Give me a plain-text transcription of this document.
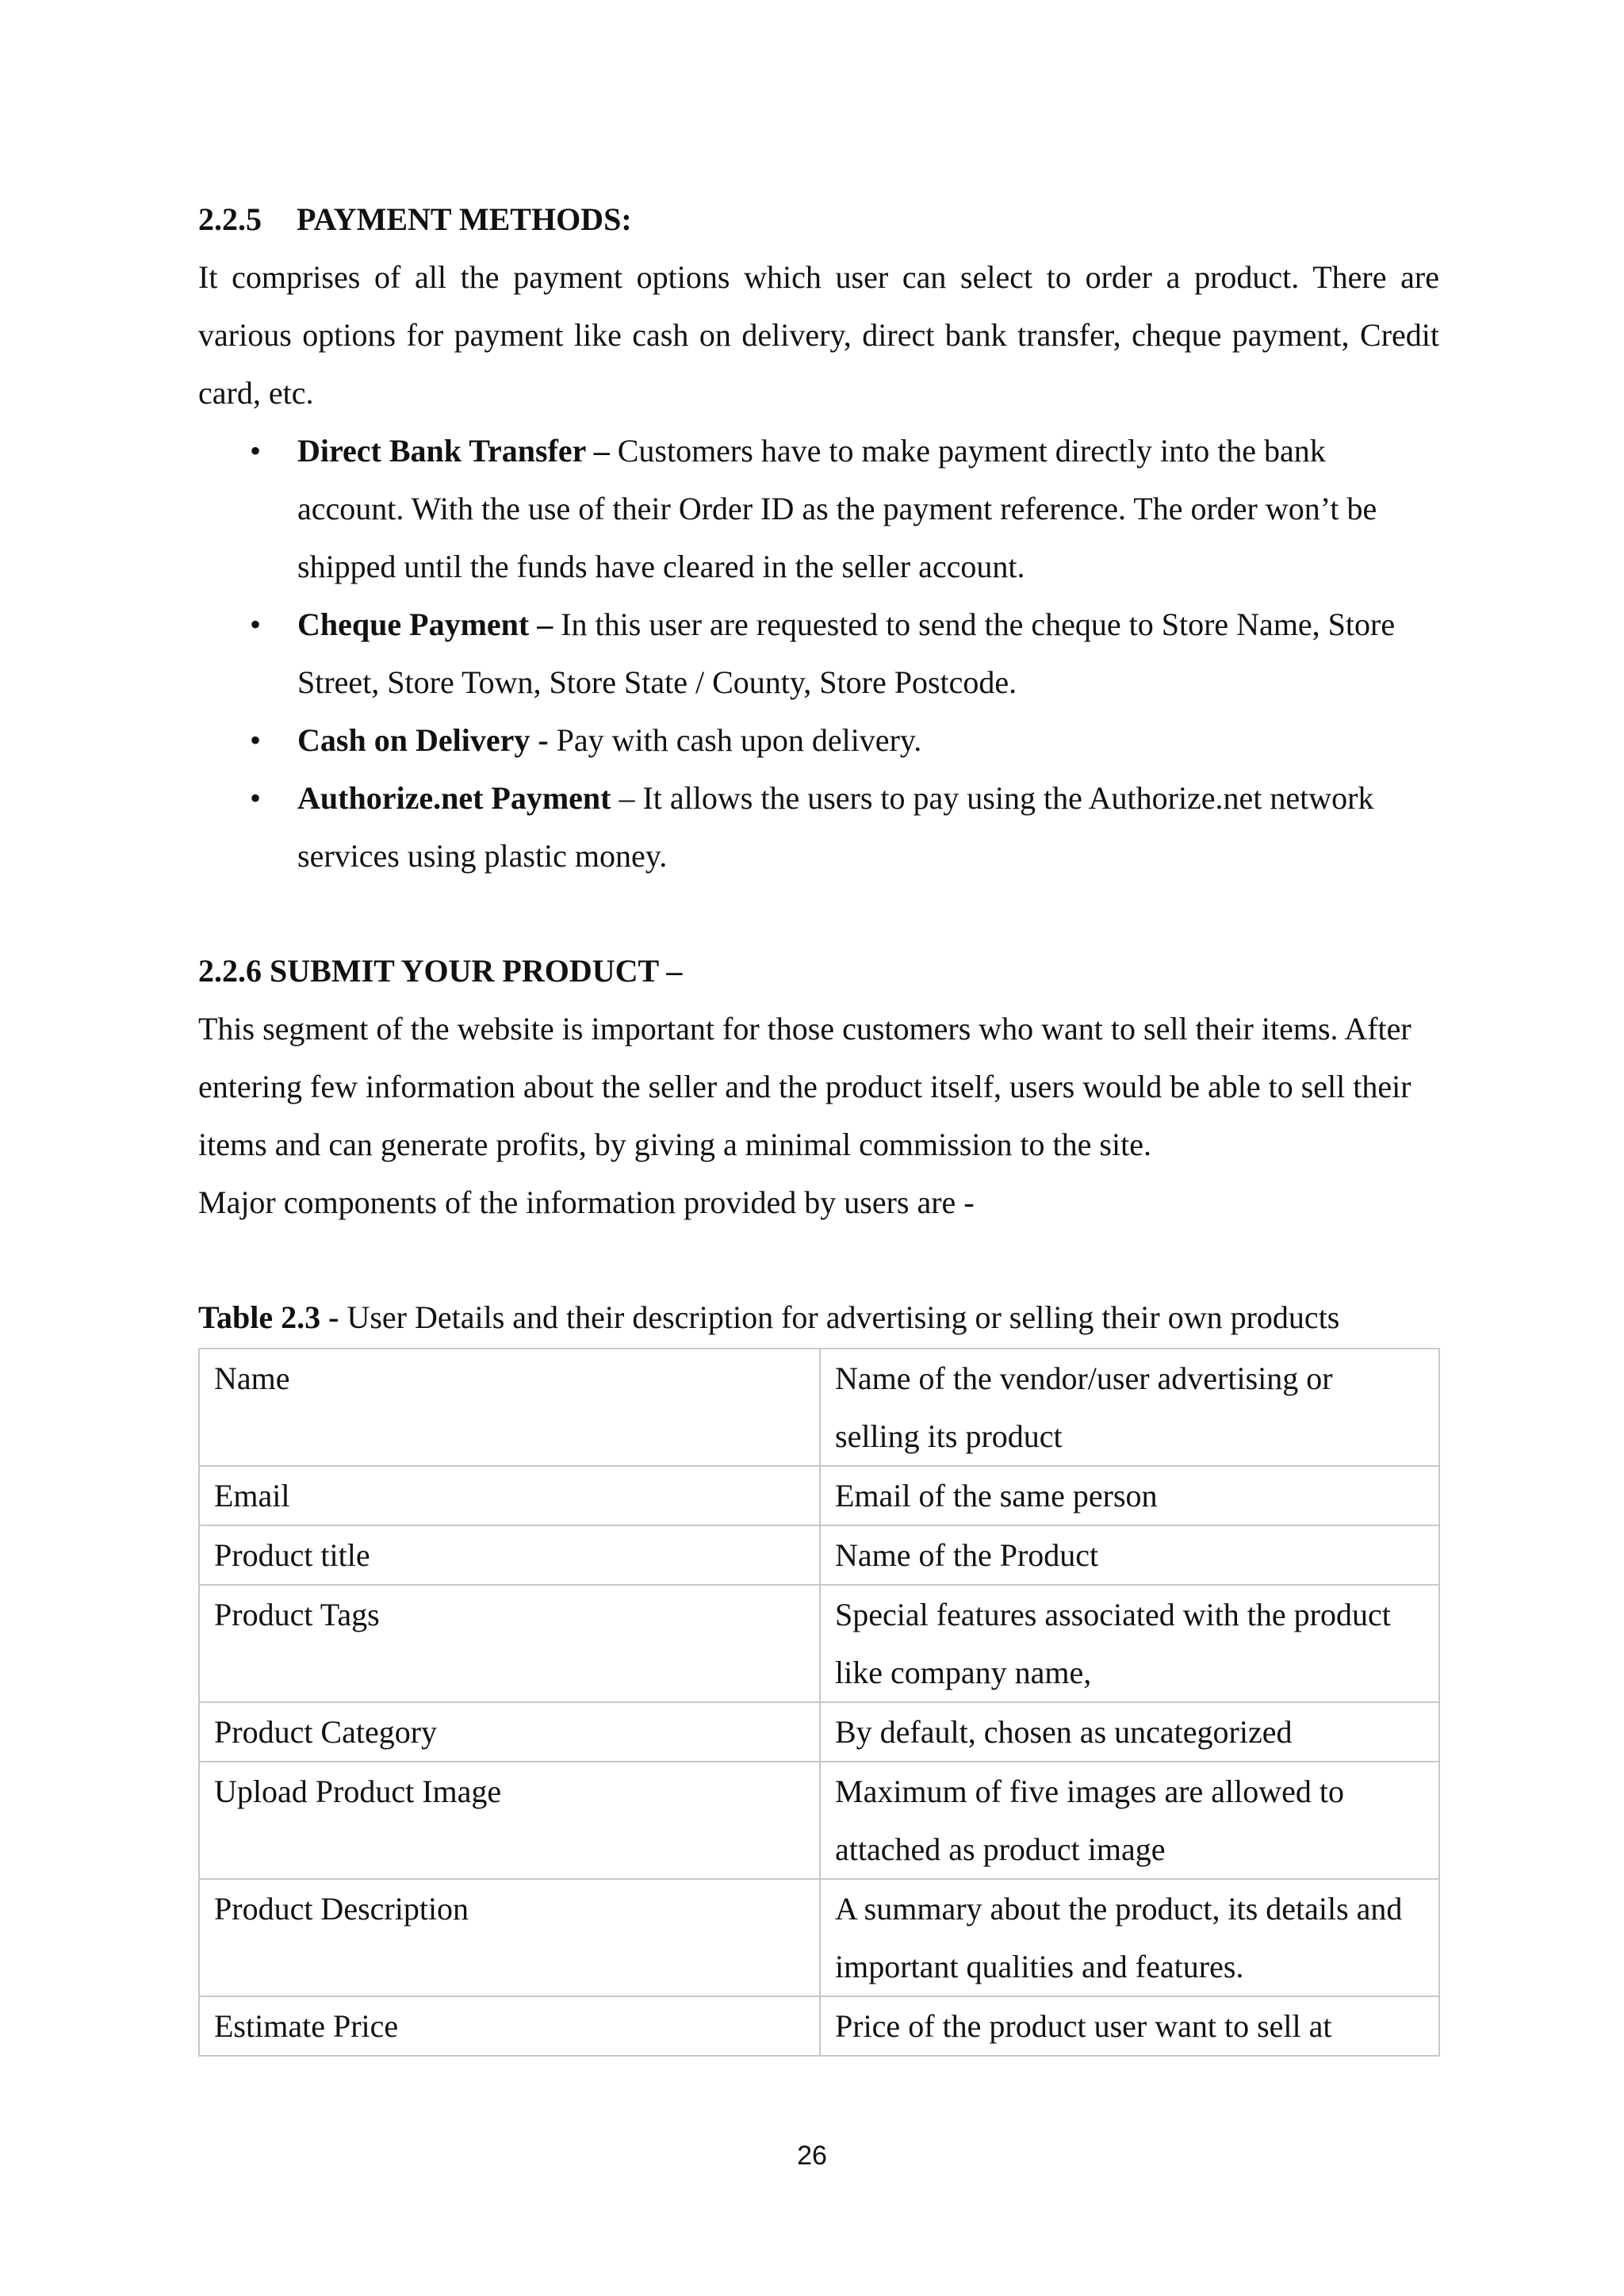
2.2.5 PAYMENT METHODS:

It comprises of all the payment options which user can select to order a product. There are various options for payment like cash on delivery, direct bank transfer, cheque payment, Credit card, etc.

• Direct Bank Transfer – Customers have to make payment directly into the bank account. With the use of their Order ID as the payment reference. The order won’t be shipped until the funds have cleared in the seller account.
• Cheque Payment – In this user are requested to send the cheque to Store Name, Store Street, Store Town, Store State / County, Store Postcode.
• Cash on Delivery - Pay with cash upon delivery.
• Authorize.net Payment – It allows the users to pay using the Authorize.net network services using plastic money.
2.2.6 SUBMIT YOUR PRODUCT –

This segment of the website is important for those customers who want to sell their items. After entering few information about the seller and the product itself, users would be able to sell their items and can generate profits, by giving a minimal commission to the site.

Major components of the information provided by users are -

Table 2.3 - User Details and their description for advertising or selling their own products

Name	Name of the vendor/user advertising or selling its product
Email	Email of the same person
Product title	Name of the Product
Product Tags	Special features associated with the product like company name,
Product Category	By default, chosen as uncategorized
Upload Product Image	Maximum of five images are allowed to attached as product image
Product Description	A summary about the product, its details and important qualities and features.
Estimate Price	Price of the product user want to sell at
26
